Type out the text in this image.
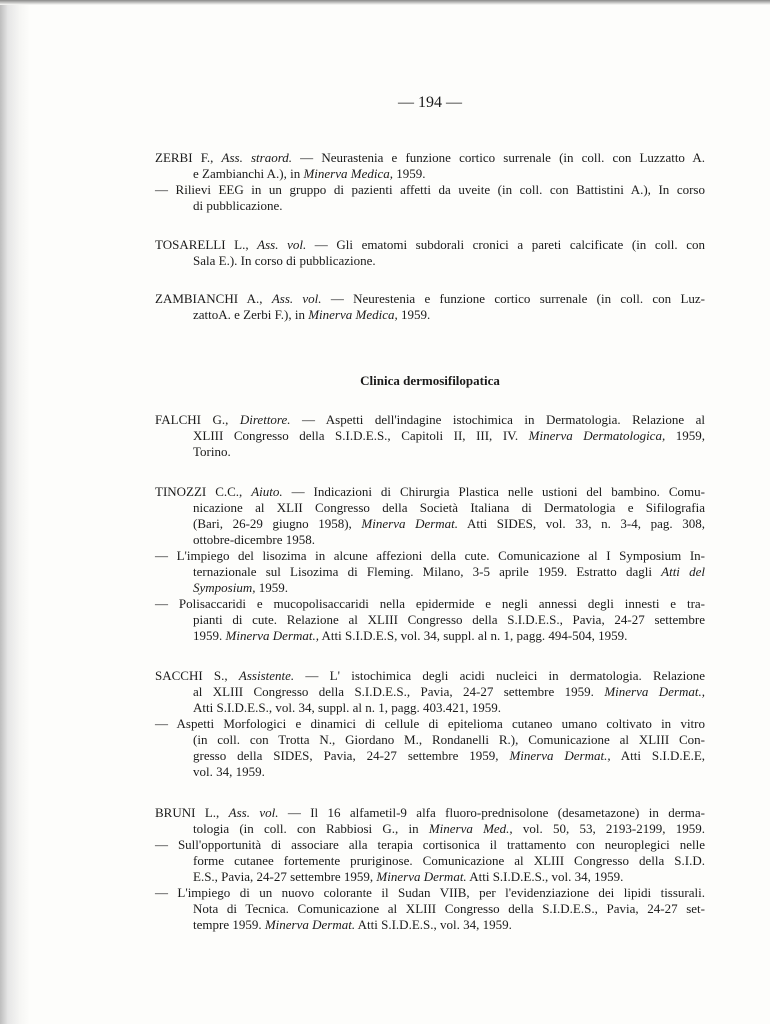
— 194 —
Clinica dermosifilopatica
ZERBI F., Ass. straord. — Neurastenia e funzione cortico surrenale (in coll. con Luzzatto A.
e Zambianchi A.), in Minerva Medica, 1959.
— Rilievi EEG in un gruppo di pazienti affetti da uveite (in coll. con Battistini A.), In corso
di pubblicazione.
TOSARELLI L., Ass. vol. — Gli ematomi subdorali cronici a pareti calcificate (in coll. con
Sala E.). In corso di pubblicazione.
ZAMBIANCHI A., Ass. vol. — Neurestenia e funzione cortico surrenale (in coll. con Luz-
zattoA. e Zerbi F.), in Minerva Medica, 1959.
FALCHI G., Direttore. — Aspetti dell'indagine istochimica in Dermatologia. Relazione al
XLIII Congresso della S.I.D.E.S., Capitoli II, III, IV. Minerva Dermatologica, 1959,
Torino.
TINOZZI C.C., Aiuto. — Indicazioni di Chirurgia Plastica nelle ustioni del bambino. Comu-
nicazione al XLII Congresso della Società Italiana di Dermatologia e Sifilografia
(Bari, 26-29 giugno 1958), Minerva Dermat. Atti SIDES, vol. 33, n. 3-4, pag. 308,
ottobre-dicembre 1958.
— L'impiego del lisozima in alcune affezioni della cute. Comunicazione al I Symposium In-
ternazionale sul Lisozima di Fleming. Milano, 3-5 aprile 1959. Estratto dagli Atti del
Symposium, 1959.
— Polisaccaridi e mucopolisaccaridi nella epidermide e negli annessi degli innesti e tra-
pianti di cute. Relazione al XLIII Congresso della S.I.D.E.S., Pavia, 24-27 settembre
1959. Minerva Dermat., Atti S.I.D.E.S, vol. 34, suppl. al n. 1, pagg. 494-504, 1959.
SACCHI S., Assistente. — L' istochimica degli acidi nucleici in dermatologia. Relazione
al XLIII Congresso della S.I.D.E.S., Pavia, 24-27 settembre 1959. Minerva Dermat.,
Atti S.I.D.E.S., vol. 34, suppl. al n. 1, pagg. 403.421, 1959.
— Aspetti Morfologici e dinamici di cellule di epitelioma cutaneo umano coltivato in vitro
(in coll. con Trotta N., Giordano M., Rondanelli R.), Comunicazione al XLIII Con-
gresso della SIDES, Pavia, 24-27 settembre 1959, Minerva Dermat., Atti S.I.D.E.E,
vol. 34, 1959.
BRUNI L., Ass. vol. — Il 16 alfametil-9 alfa fluoro-prednisolone (desametazone) in derma-
tologia (in coll. con Rabbiosi G., in Minerva Med., vol. 50, 53, 2193-2199, 1959.
— Sull'opportunità di associare alla terapia cortisonica il trattamento con neuroplegici nelle
forme cutanee fortemente pruriginose. Comunicazione al XLIII Congresso della S.I.D.
E.S., Pavia, 24-27 settembre 1959, Minerva Dermat. Atti S.I.D.E.S., vol. 34, 1959.
— L'impiego di un nuovo colorante il Sudan VIIB, per l'evidenziazione dei lipidi tissurali.
Nota di Tecnica. Comunicazione al XLIII Congresso della S.I.D.E.S., Pavia, 24-27 set-
tempre 1959. Minerva Dermat. Atti S.I.D.E.S., vol. 34, 1959.
